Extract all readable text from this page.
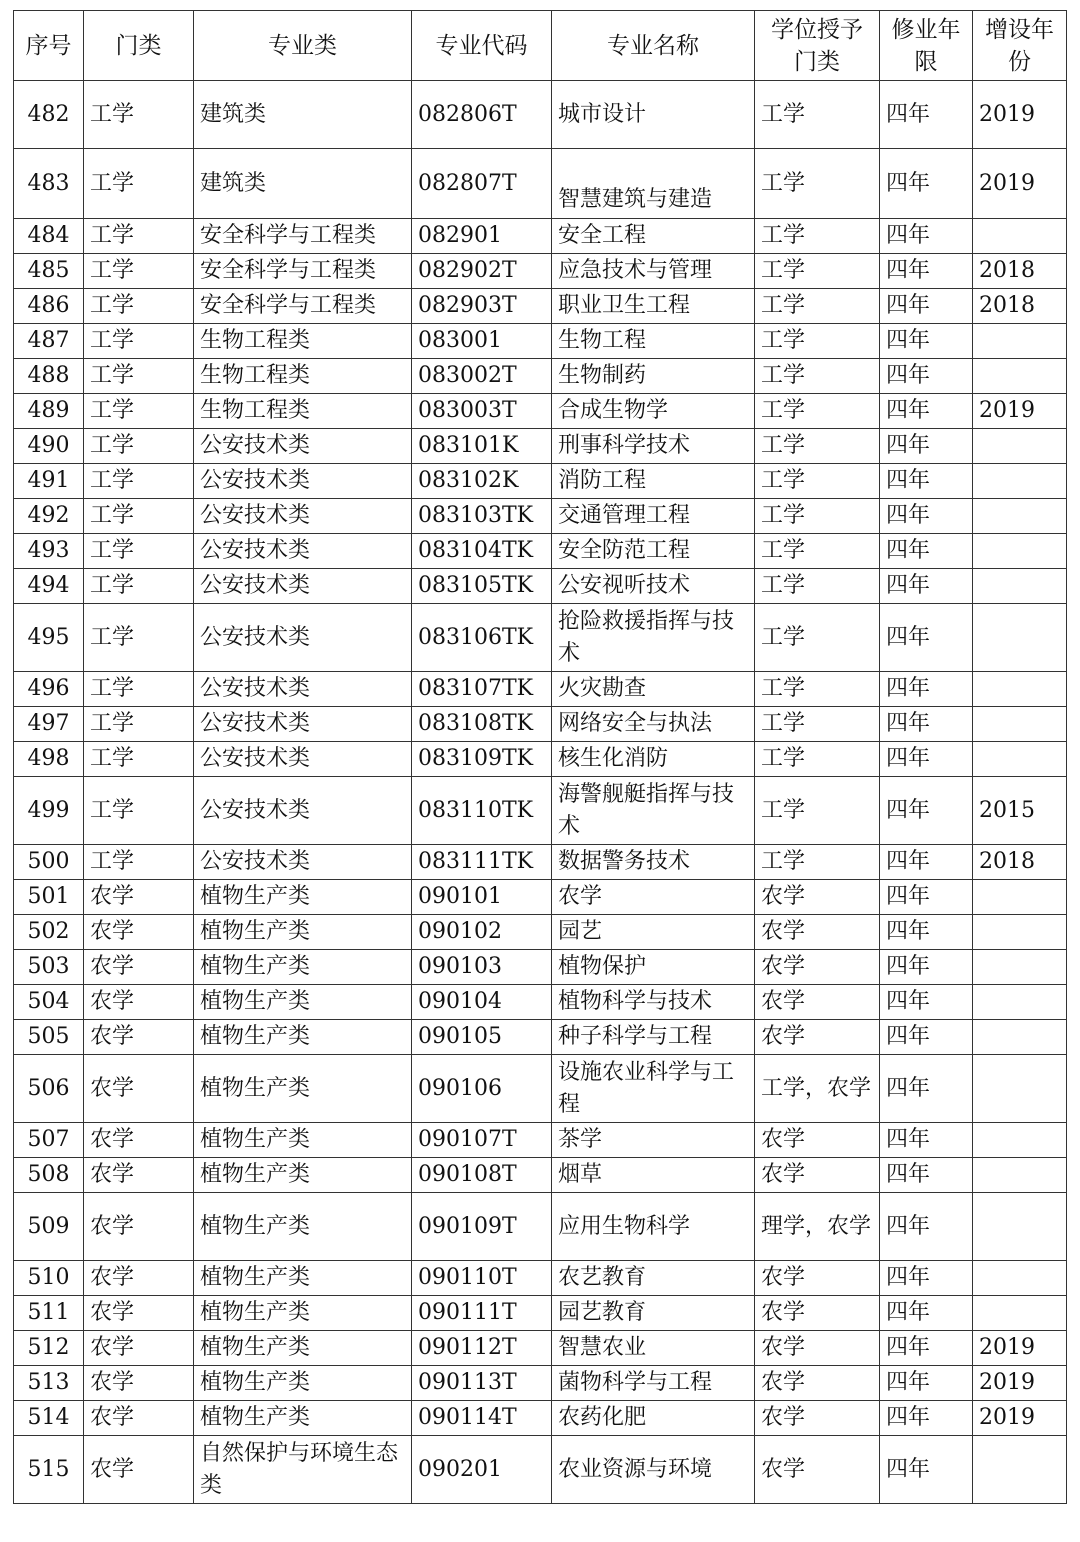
序号	门类	专业类	专业代码	专业名称	学位授予门类	修业年限	增设年份
482	工学	建筑类	082806T	城市设计	工学	四年	2019
483	工学	建筑类	082807T	智慧建筑与建造	工学	四年	2019
484	工学	安全科学与工程类	082901	安全工程	工学	四年	
485	工学	安全科学与工程类	082902T	应急技术与管理	工学	四年	2018
486	工学	安全科学与工程类	082903T	职业卫生工程	工学	四年	2018
487	工学	生物工程类	083001	生物工程	工学	四年	
488	工学	生物工程类	083002T	生物制药	工学	四年	
489	工学	生物工程类	083003T	合成生物学	工学	四年	2019
490	工学	公安技术类	083101K	刑事科学技术	工学	四年	
491	工学	公安技术类	083102K	消防工程	工学	四年	
492	工学	公安技术类	083103TK	交通管理工程	工学	四年	
493	工学	公安技术类	083104TK	安全防范工程	工学	四年	
494	工学	公安技术类	083105TK	公安视听技术	工学	四年	
495	工学	公安技术类	083106TK	抢险救援指挥与技术	工学	四年	
496	工学	公安技术类	083107TK	火灾勘查	工学	四年	
497	工学	公安技术类	083108TK	网络安全与执法	工学	四年	
498	工学	公安技术类	083109TK	核生化消防	工学	四年	
499	工学	公安技术类	083110TK	海警舰艇指挥与技术	工学	四年	2015
500	工学	公安技术类	083111TK	数据警务技术	工学	四年	2018
501	农学	植物生产类	090101	农学	农学	四年	
502	农学	植物生产类	090102	园艺	农学	四年	
503	农学	植物生产类	090103	植物保护	农学	四年	
504	农学	植物生产类	090104	植物科学与技术	农学	四年	
505	农学	植物生产类	090105	种子科学与工程	农学	四年	
506	农学	植物生产类	090106	设施农业科学与工程	工学，农学	四年	
507	农学	植物生产类	090107T	茶学	农学	四年	
508	农学	植物生产类	090108T	烟草	农学	四年	
509	农学	植物生产类	090109T	应用生物科学	理学，农学	四年	
510	农学	植物生产类	090110T	农艺教育	农学	四年	
511	农学	植物生产类	090111T	园艺教育	农学	四年	
512	农学	植物生产类	090112T	智慧农业	农学	四年	2019
513	农学	植物生产类	090113T	菌物科学与工程	农学	四年	2019
514	农学	植物生产类	090114T	农药化肥	农学	四年	2019
515	农学	自然保护与环境生态类	090201	农业资源与环境	农学	四年	
